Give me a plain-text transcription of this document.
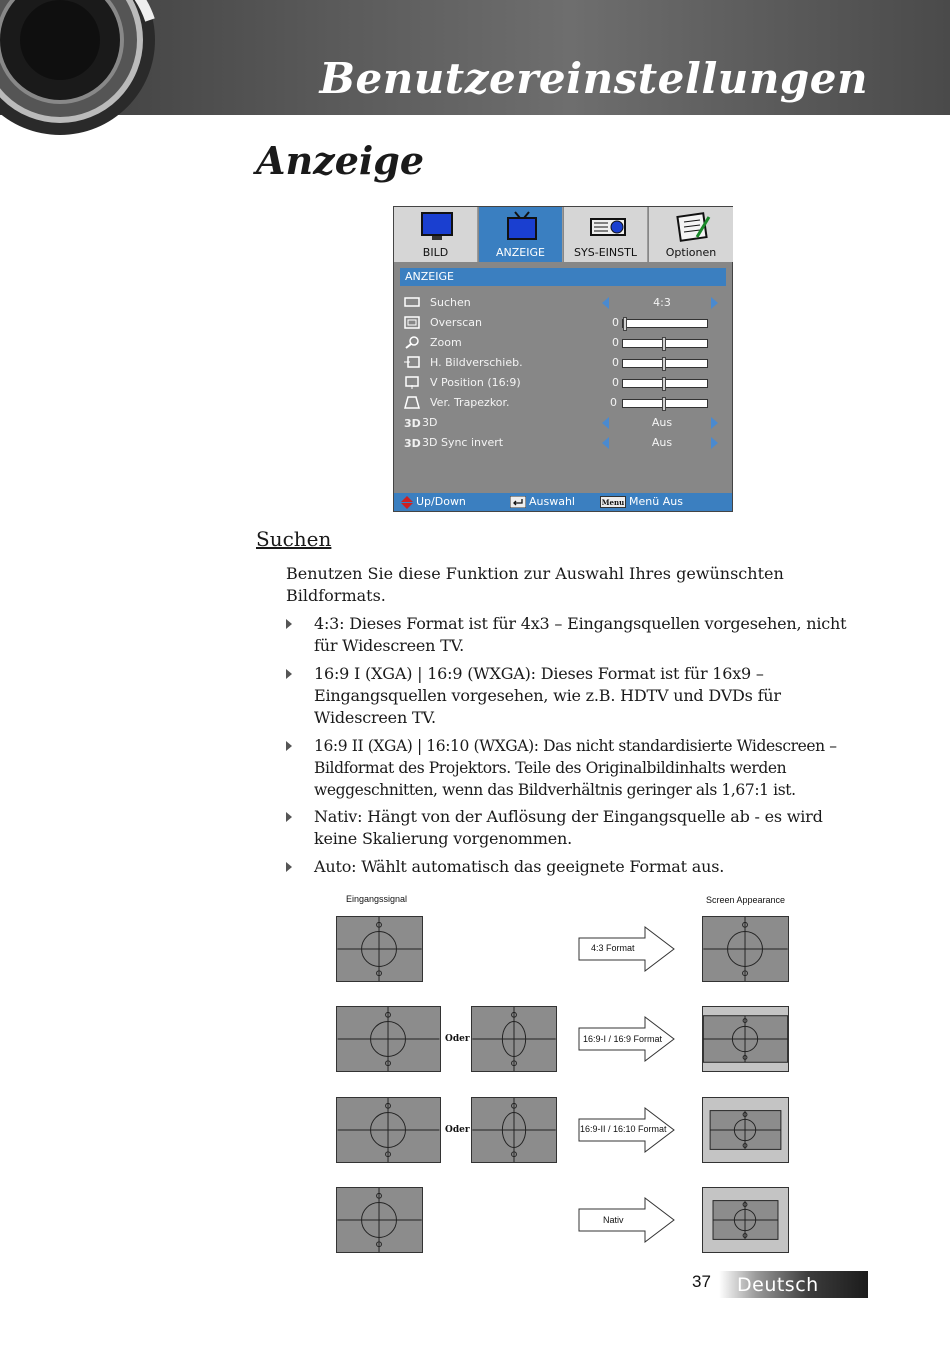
Benutzereinstellungen
Anzeige
BILD	ANZEIGE	SYS-EINSTL	Optionen
ANZEIGE
Suchen	4:3
Overscan	0
Zoom	0
H. Bildverschieb.	0
V Position (16:9)	0
Ver. Trapezkor.	0
3D 3D	Aus
3D 3D Sync invert	Aus
Up/Down	Auswahl	Menu Menü Aus
Suchen
Benutzen Sie diese Funktion zur Auswahl Ihres gewünschten Bildformats.
4:3: Dieses Format ist für 4x3 – Eingangsquellen vorgesehen, nicht für Widescreen TV.
16:9 I (XGA) | 16:9 (WXGA): Dieses Format ist für 16x9 – Eingangsquellen vorgesehen, wie z.B. HDTV und DVDs für Widescreen TV.
16:9 II (XGA) | 16:10 (WXGA): Das nicht standardisierte Widescreen – Bildformat des Projektors. Teile des Originalbildinhalts werden weggeschnitten, wenn das Bildverhältnis geringer als 1,67:1 ist.
Nativ: Hängt von der Auflösung der Eingangsquelle ab - es wird keine Skalierung vorgenommen.
Auto: Wählt automatisch das geeignete Format aus.
Eingangssignal	Screen Appearance
4:3 Format
Oder	16:9-I / 16:9 Format
Oder	16:9-II / 16:10 Format
Nativ
37 Deutsch
